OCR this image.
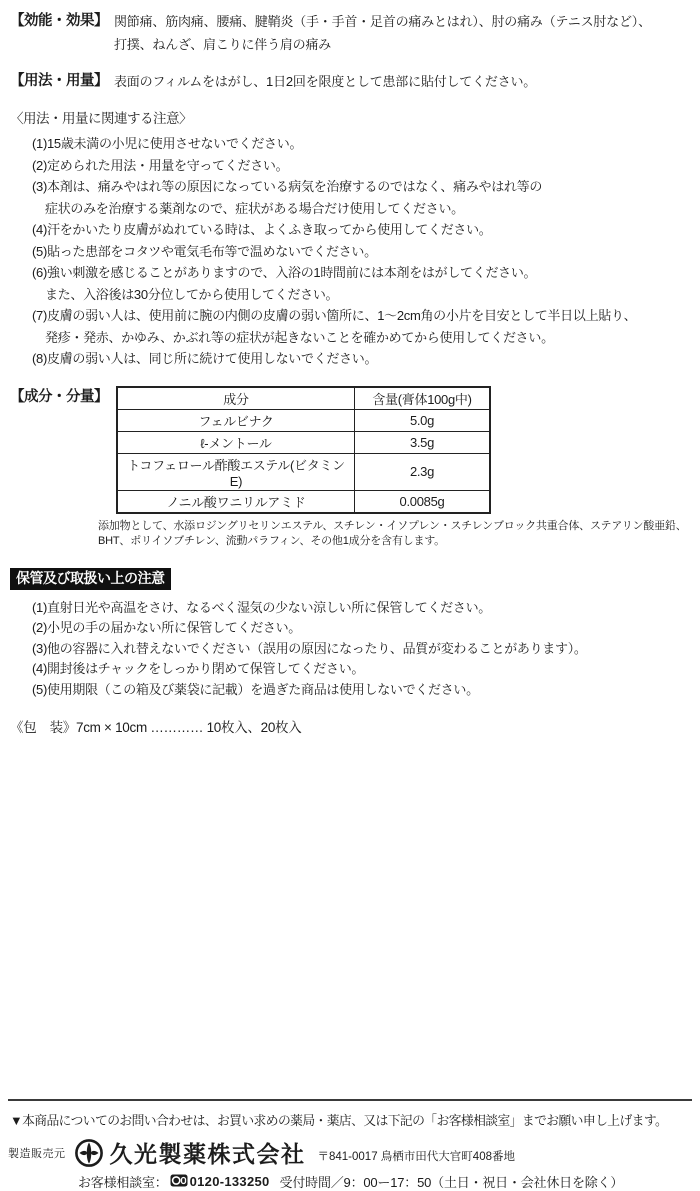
【効能・効果】 関節痛、筋肉痛、腰痛、腱鞘炎（手・手首・足首の痛みとはれ）、肘の痛み（テニス肘など）、
打撲、ねんざ、肩こりに伴う肩の痛み
【用法・用量】 表面のフィルムをはがし、1日2回を限度として患部に貼付してください。
〈用法・用量に関連する注意〉
(1)15歳未満の小児に使用させないでください。
(2)定められた用法・用量を守ってください。
(3)本剤は、痛みやはれ等の原因になっている病気を治療するのではなく、痛みやはれ等の
症状のみを治療する薬剤なので、症状がある場合だけ使用してください。
(4)汗をかいたり皮膚がぬれている時は、よくふき取ってから使用してください。
(5)貼った患部をコタツや電気毛布等で温めないでください。
(6)強い刺激を感じることがありますので、入浴の1時間前には本剤をはがしてください。
また、入浴後は30分位してから使用してください。
(7)皮膚の弱い人は、使用前に腕の内側の皮膚の弱い箇所に、1〜2cm角の小片を目安として半日以上貼り、
発疹・発赤、かゆみ、かぶれ等の症状が起きないことを確かめてから使用してください。
(8)皮膚の弱い人は、同じ所に続けて使用しないでください。
【成分・分量】	成分	含量(膏体100g中)
フェルビナク	5.0g
ℓ-メントール	3.5g
トコフェロール酢酸エステル(ビタミンE)	2.3g
ノニル酸ワニリルアミド	0.0085g
添加物として、水添ロジングリセリンエステル、スチレン・イソプレン・スチレンブロック共重合体、ステアリン酸亜鉛、
BHT、ポリイソブチレン、流動パラフィン、その他1成分を含有します。
保管及び取扱い上の注意
(1)直射日光や高温をさけ、なるべく湿気の少ない涼しい所に保管してください。
(2)小児の手の届かない所に保管してください。
(3)他の容器に入れ替えないでください（誤用の原因になったり、品質が変わることがあります）。
(4)開封後はチャックをしっかり閉めて保管してください。
(5)使用期限（この箱及び薬袋に記載）を過ぎた商品は使用しないでください。
《包　装》7cm × 10cm ………… 10枚入、20枚入
▼本商品についてのお問い合わせは、お買い求めの薬局・薬店、又は下記の「お客様相談室」までお願い申し上げます。
製造販売元 久光製薬株式会社 〒841-0017 鳥栖市田代大官町408番地
お客様相談室： 0120-133250 受付時間／9：00ー17：50（土日・祝日・会社休日を除く）
